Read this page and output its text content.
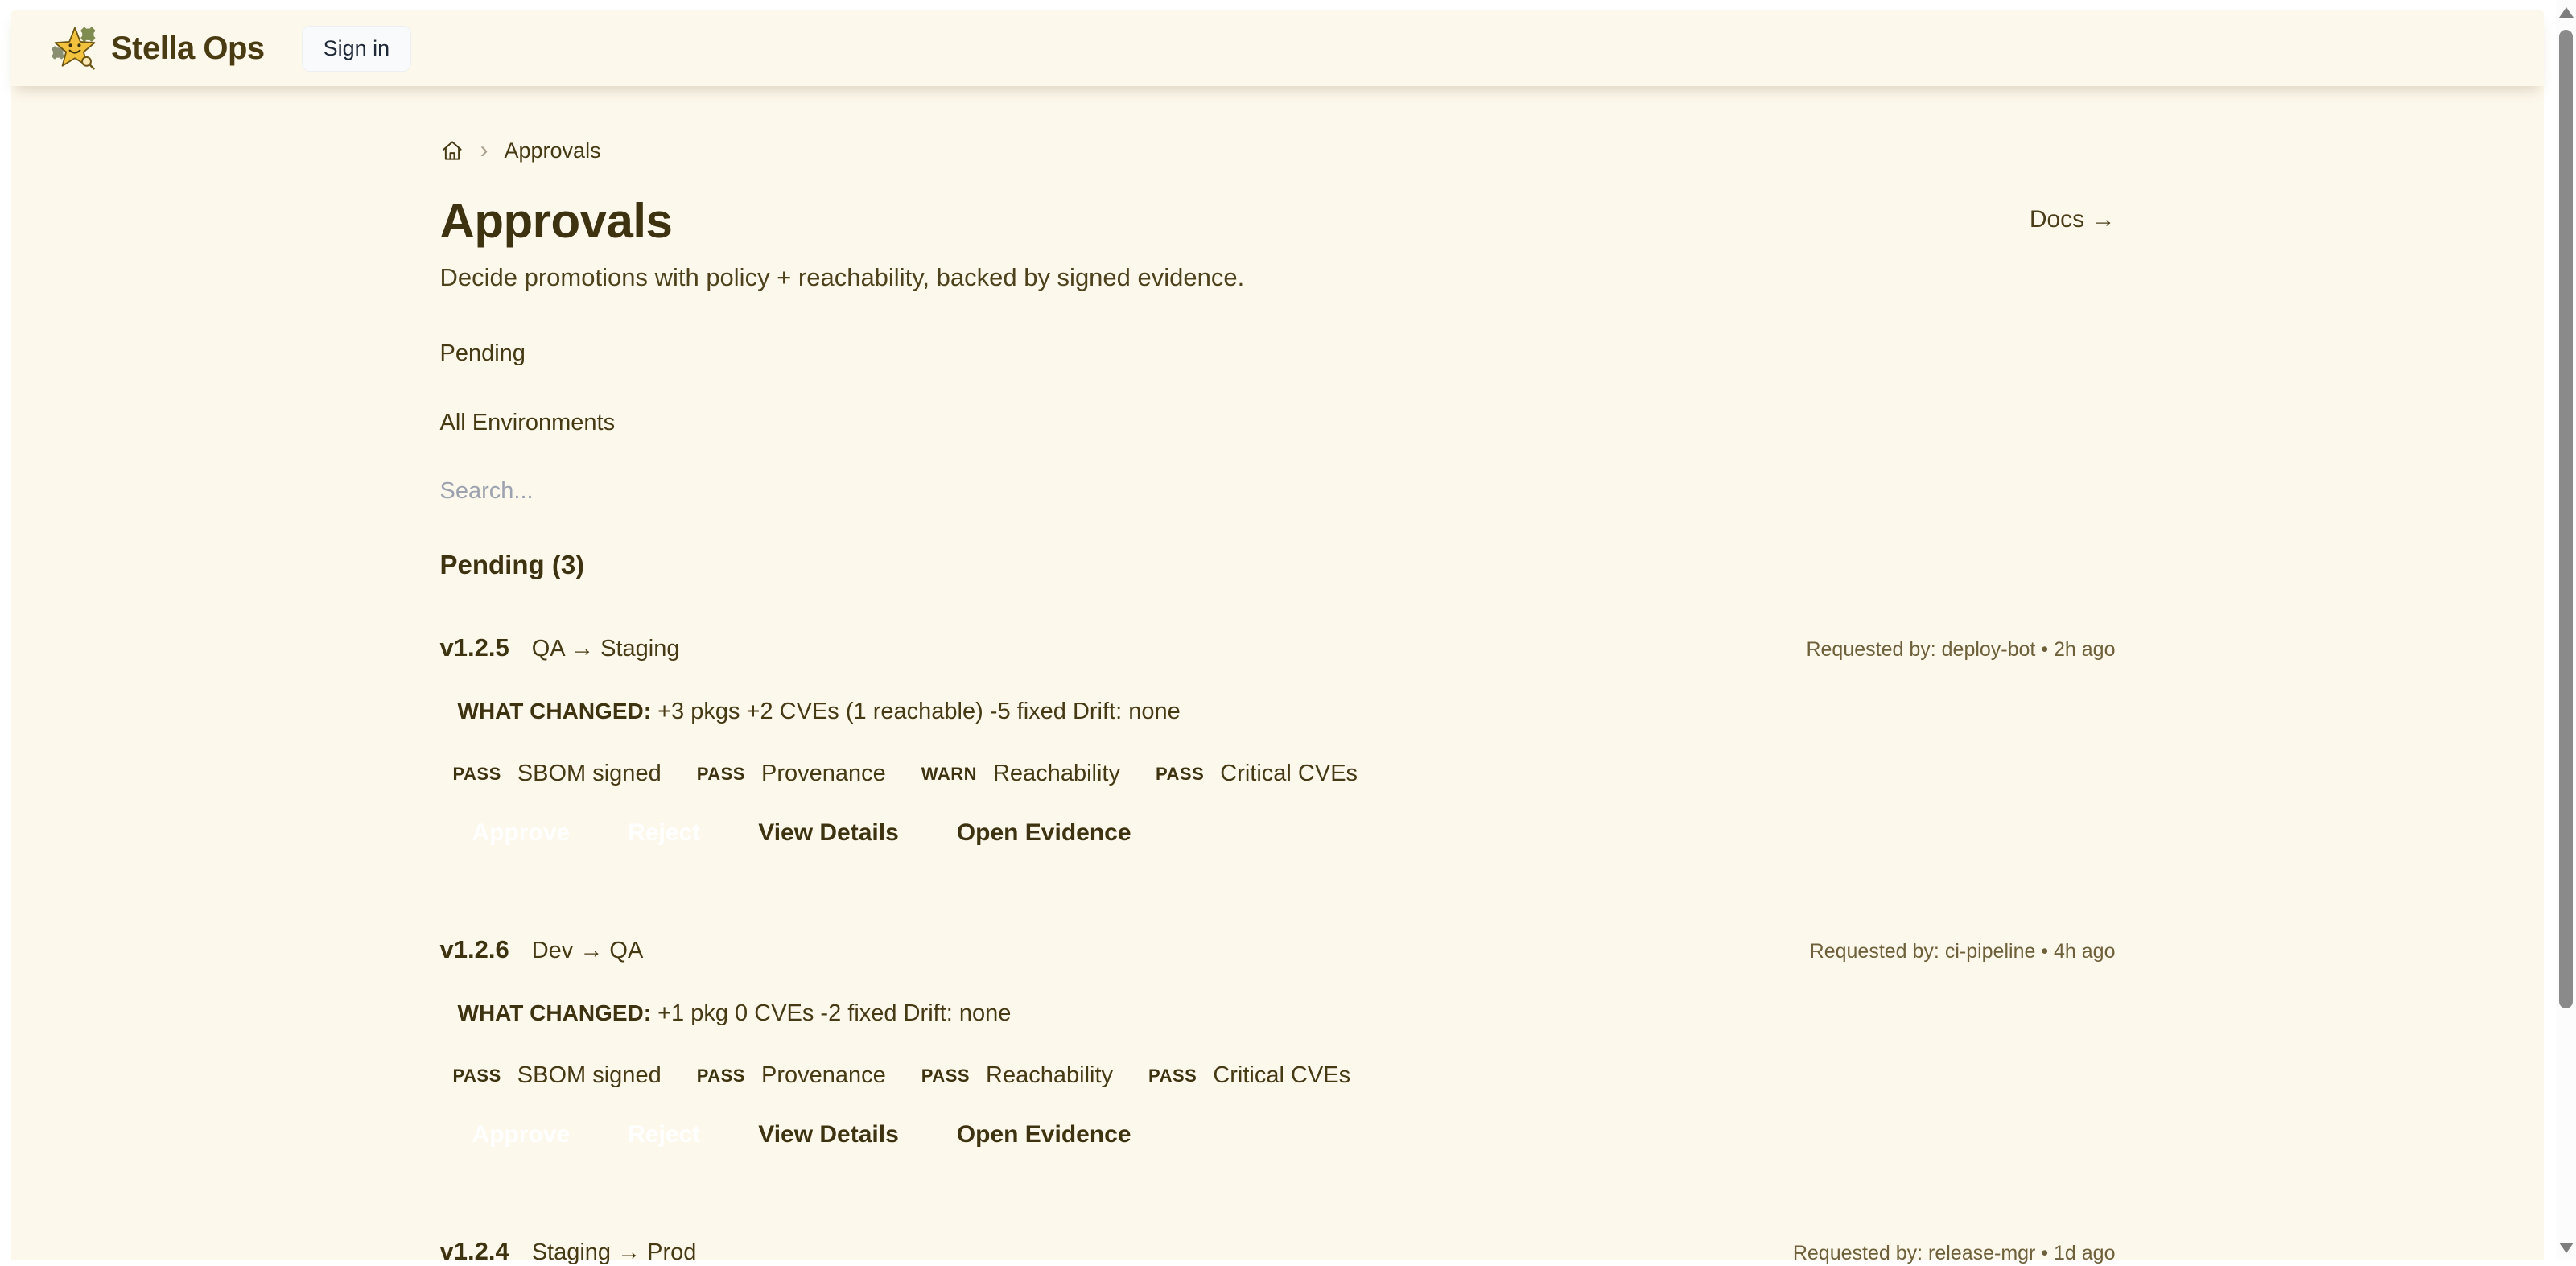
Stella Ops	Sign in
› Approvals
Approvals	Docs →
Decide promotions with policy + reachability, backed by signed evidence.
Pending
All Environments
Search...
Pending (3)
v1.2.5 QA → Staging	Requested by: deploy-bot • 2h ago
WHAT CHANGED: +3 pkgs +2 CVEs (1 reachable) -5 fixed Drift: none
PASS SBOM signed PASS Provenance WARN Reachability PASS Critical CVEs
Approve	Reject	View Details	Open Evidence
v1.2.6 Dev → QA	Requested by: ci-pipeline • 4h ago
WHAT CHANGED: +1 pkg 0 CVEs -2 fixed Drift: none
PASS SBOM signed PASS Provenance PASS Reachability PASS Critical CVEs
Approve	Reject	View Details	Open Evidence
v1.2.4 Staging → Prod	Requested by: release-mgr • 1d ago
